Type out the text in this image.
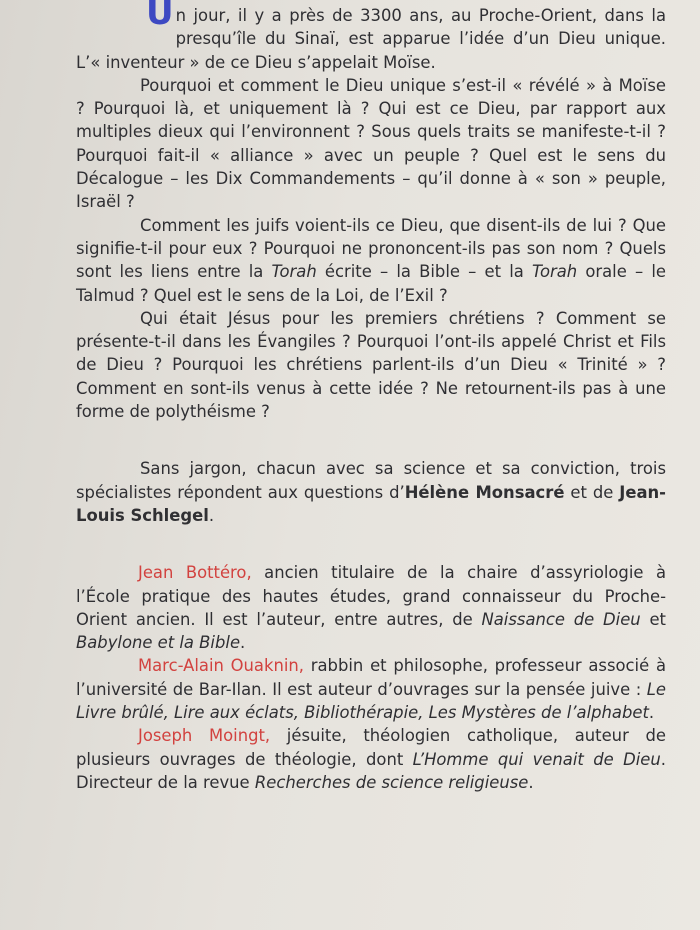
Un jour, il y a près de 3300 ans, au Proche-Orient, dans la presqu’île du Sinaï, est apparue l’idée d’un Dieu unique. L’« inventeur » de ce Dieu s’appelait Moïse.

Pourquoi et comment le Dieu unique s’est-il « révélé » à Moïse ? Pourquoi là, et uniquement là ? Qui est ce Dieu, par rapport aux multiples dieux qui l’environnent ? Sous quels traits se manifeste-t-il ? Pourquoi fait-il « alliance » avec un peuple ? Quel est le sens du Décalogue – les Dix Commandements – qu’il donne à « son » peuple, Israël ?

Comment les juifs voient-ils ce Dieu, que disent-ils de lui ? Que signifie-t-il pour eux ? Pourquoi ne prononcent-ils pas son nom ? Quels sont les liens entre la Torah écrite – la Bible – et la Torah orale – le Talmud ? Quel est le sens de la Loi, de l’Exil ?

Qui était Jésus pour les premiers chrétiens ? Comment se présente-t-il dans les Évangiles ? Pourquoi l’ont-ils appelé Christ et Fils de Dieu ? Pourquoi les chrétiens parlent-ils d’un Dieu « Trinité » ? Comment en sont-ils venus à cette idée ? Ne retournent-ils pas à une forme de polythéisme ?

Sans jargon, chacun avec sa science et sa conviction, trois spécialistes répondent aux questions d’Hélène Monsacré et de Jean-Louis Schlegel.

Jean Bottéro, ancien titulaire de la chaire d’assyriologie à l’École pratique des hautes études, grand connaisseur du Proche-Orient ancien. Il est l’auteur, entre autres, de Naissance de Dieu et Babylone et la Bible.

Marc-Alain Ouaknin, rabbin et philosophe, professeur associé à l’université de Bar-Ilan. Il est auteur d’ouvrages sur la pensée juive : Le Livre brûlé, Lire aux éclats, Bibliothérapie, Les Mystères de l’alphabet.

Joseph Moingt, jésuite, théologien catholique, auteur de plusieurs ouvrages de théologie, dont L’Homme qui venait de Dieu. Directeur de la revue Recherches de science religieuse.
